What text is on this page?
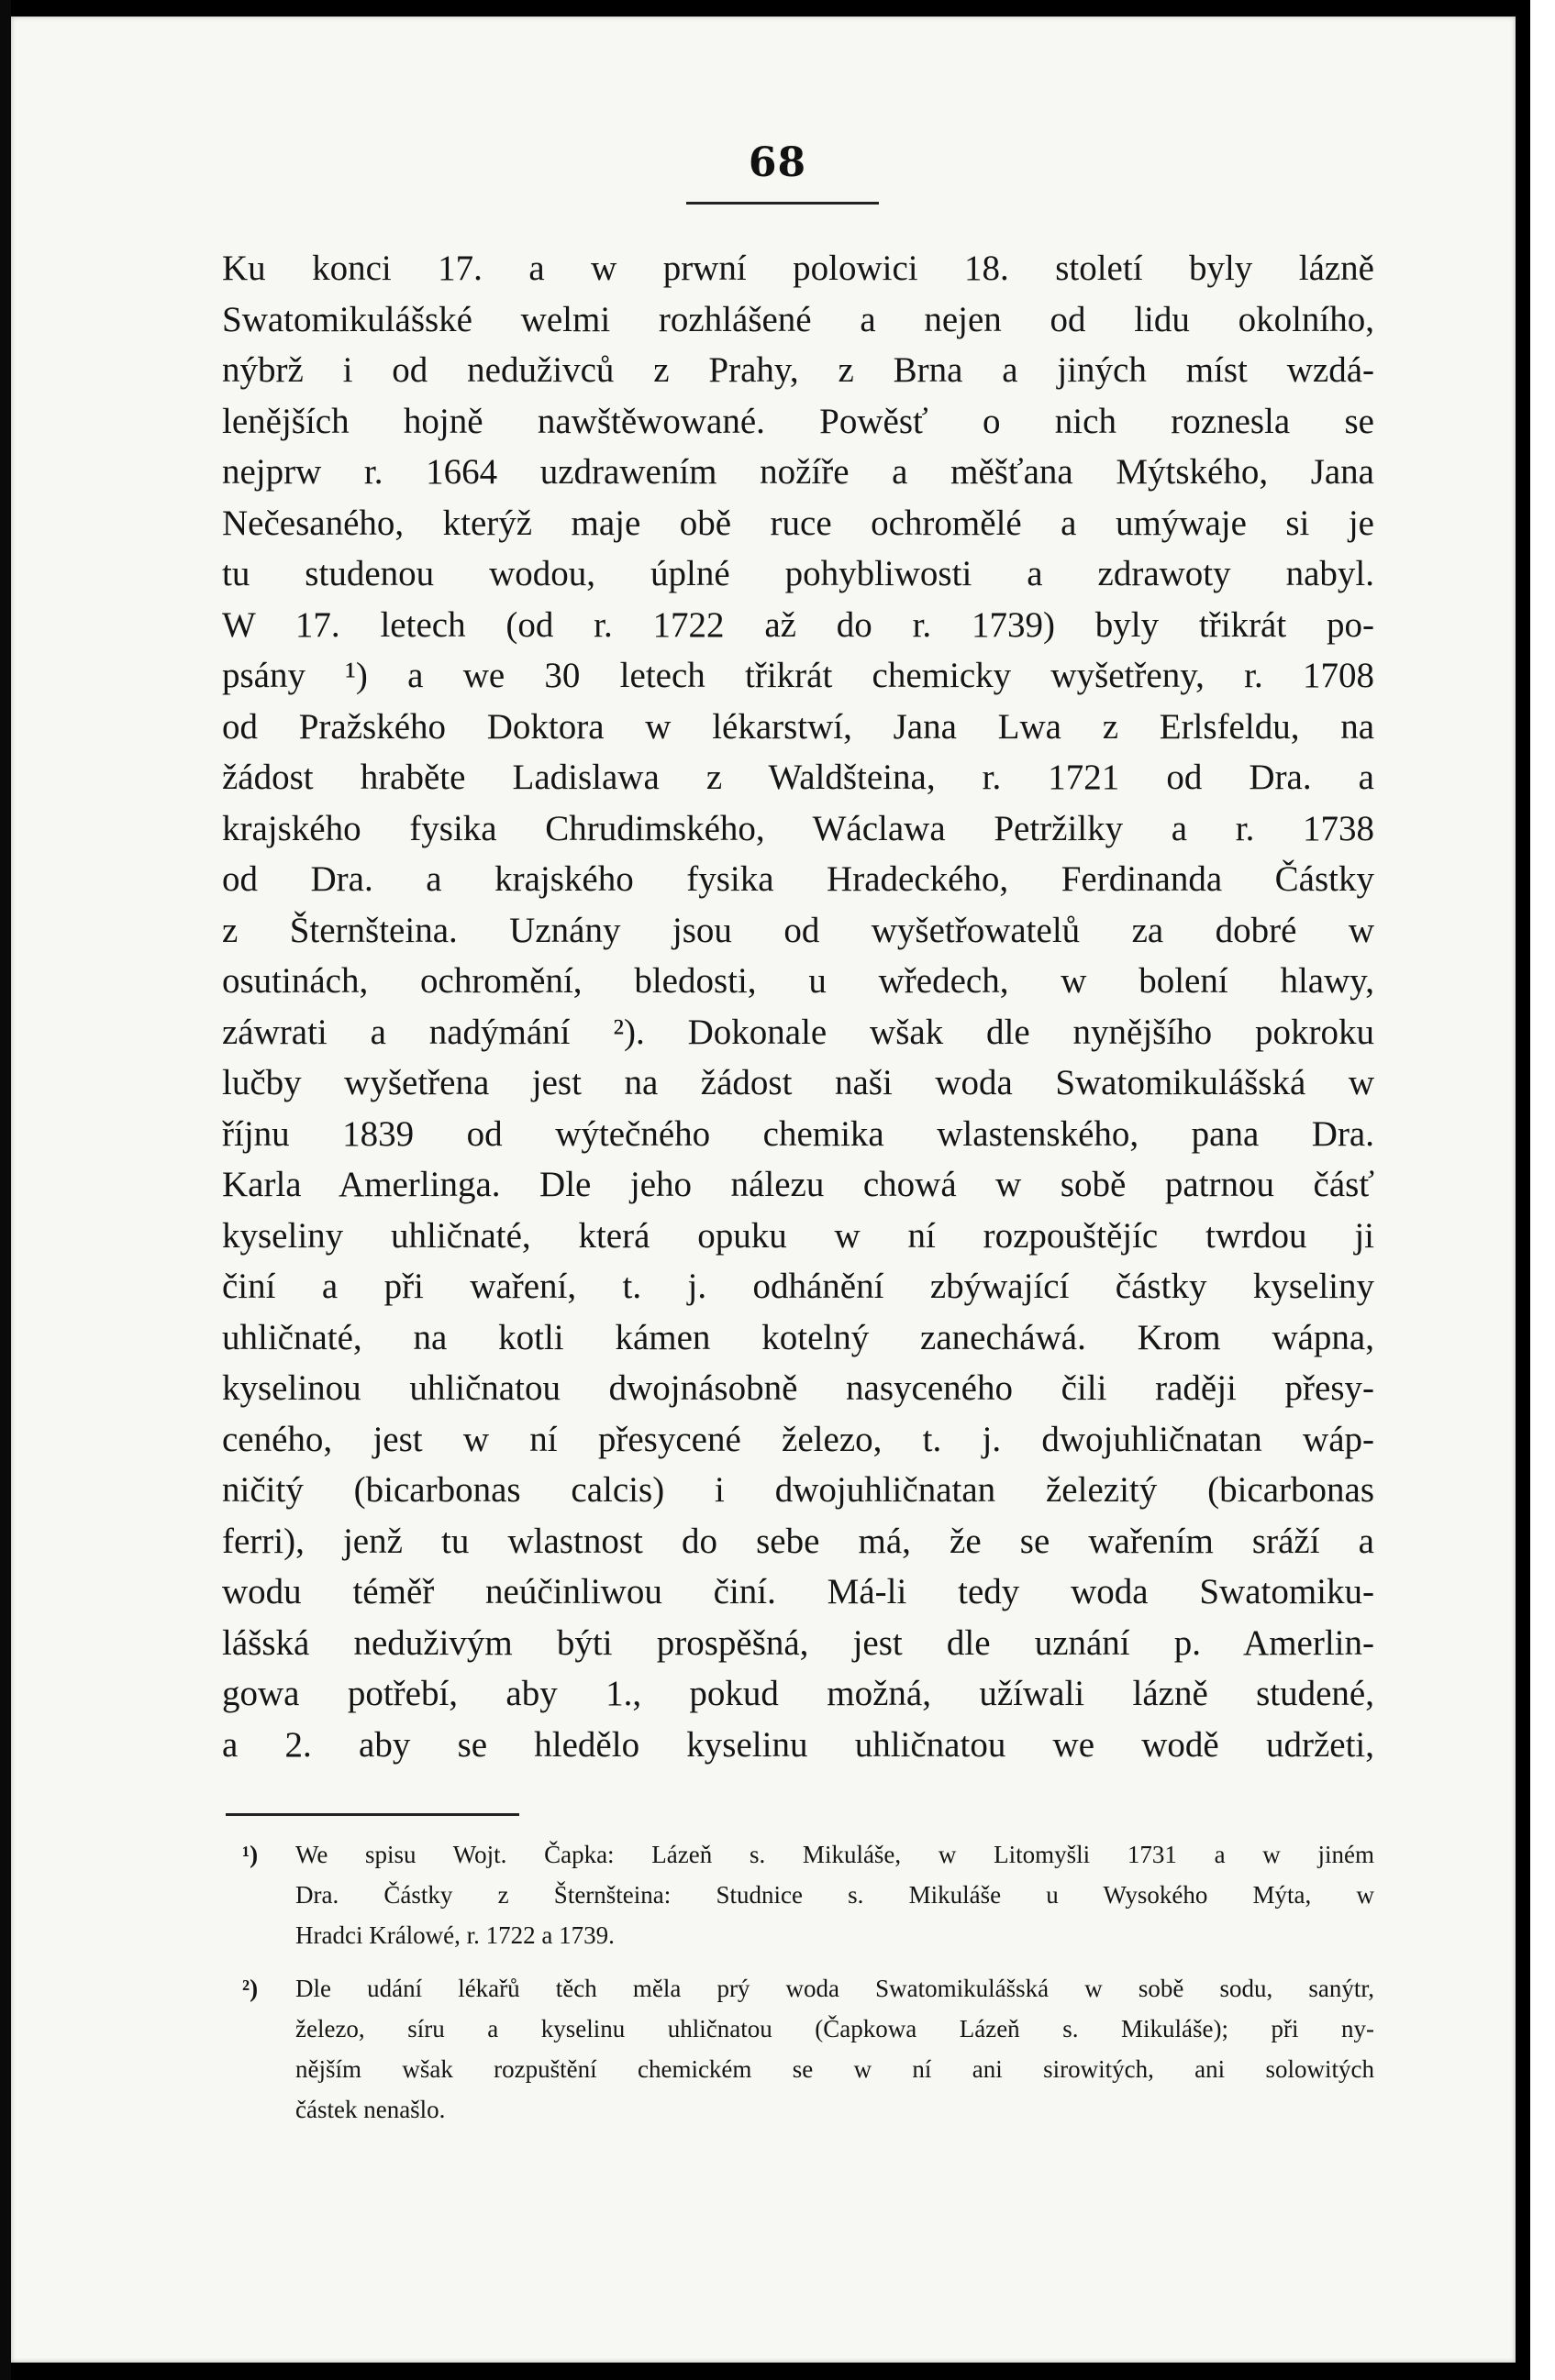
68
Ku konci 17. a w prwní polowici 18. století byly lázně
Swatomikulášské welmi rozhlášené a nejen od lidu okolního,
nýbrž i od neduživců z Prahy, z Brna a jiných míst wzdá-
lenějších hojně nawštěwowané. Powěsť o nich roznesla se
nejprw r. 1664 uzdrawením nožíře a měšťana Mýtského, Jana
Nečesaného, kterýž maje obě ruce ochromělé a umýwaje si je
tu studenou wodou, úplné pohybliwosti a zdrawoty nabyl.
W 17. letech (od r. 1722 až do r. 1739) byly třikrát po-
psány ¹) a we 30 letech třikrát chemicky wyšetřeny, r. 1708
od Pražského Doktora w lékarstwí, Jana Lwa z Erlsfeldu, na
žádost hraběte Ladislawa z Waldšteina, r. 1721 od Dra. a
krajského fysika Chrudimského, Wáclawa Petržilky a r. 1738
od Dra. a krajského fysika Hradeckého, Ferdinanda Částky
z Šternšteina. Uznány jsou od wyšetřowatelů za dobré w
osutinách, ochromění, bledosti, u wředech, w bolení hlawy,
záwrati a nadýmání ²). Dokonale wšak dle nynějšího pokroku
lučby wyšetřena jest na žádost naši woda Swatomikulášská w
říjnu 1839 od wýtečného chemika wlastenského, pana Dra.
Karla Amerlinga. Dle jeho nálezu chowá w sobě patrnou čásť
kyseliny uhličnaté, která opuku w ní rozpouštějíc twrdou ji
činí a při waření, t. j. odhánění zbýwající částky kyseliny
uhličnaté, na kotli kámen kotelný zanecháwá. Krom wápna,
kyselinou uhličnatou dwojnásobně nasyceného čili raději přesy-
ceného, jest w ní přesycené železo, t. j. dwojuhličnatan wáp-
ničitý (bicarbonas calcis) i dwojuhličnatan železitý (bicarbonas
ferri), jenž tu wlastnost do sebe má, že se wařením sráží a
wodu téměř neúčinliwou činí. Má-li tedy woda Swatomiku-
lášská neduživým býti prospěšná, jest dle uznání p. Amerlin-
gowa potřebí, aby 1., pokud možná, užíwali lázně studené,
a 2. aby se hledělo kyselinu uhličnatou we wodě udržeti,
¹)	We spisu Wojt. Čapka: Lázeň s. Mikuláše, w Litomyšli 1731 a w jiném
Dra. Částky z Šternšteina: Studnice s. Mikuláše u Wysokého Mýta, w
Hradci Králowé, r. 1722 a 1739.
²)	Dle udání lékařů těch měla prý woda Swatomikulášská w sobě sodu, sanýtr,
železo, síru a kyselinu uhličnatou (Čapkowa Lázeň s. Mikuláše); při ny-
nějším wšak rozpuštění chemickém se w ní ani sirowitých, ani solowitých
částek nenašlo.
